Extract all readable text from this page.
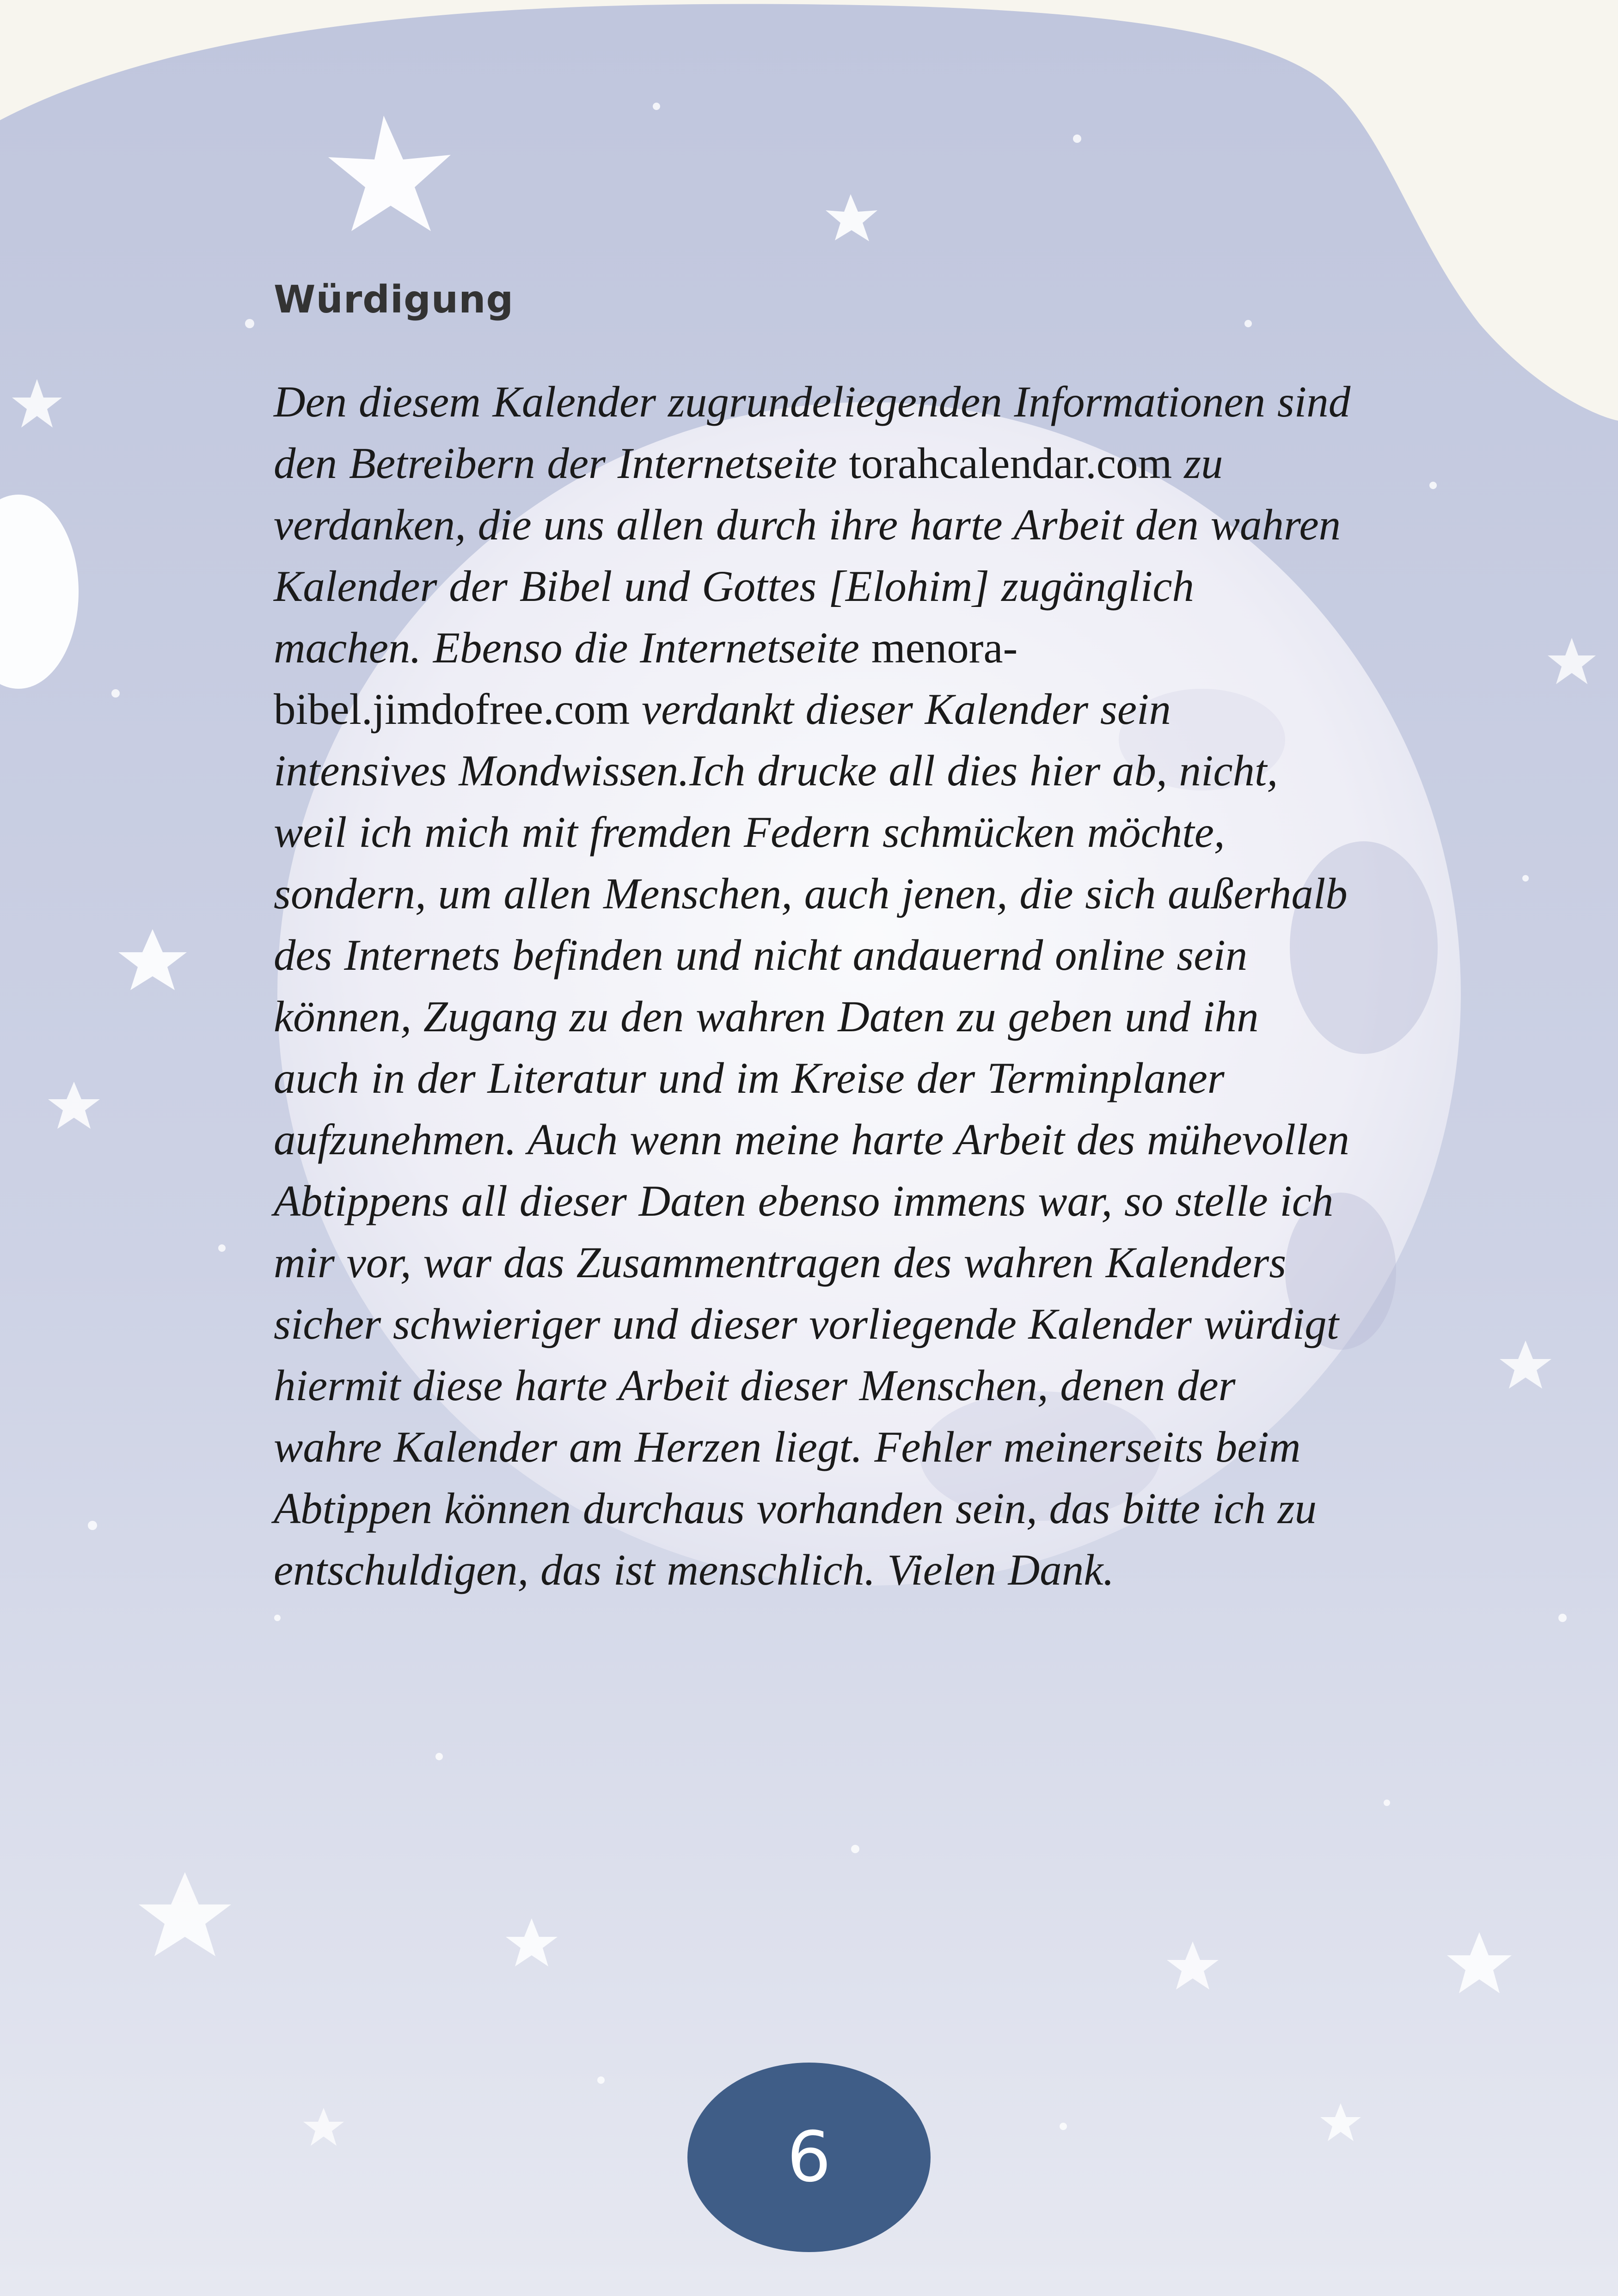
Würdigung

Den diesem Kalender zugrundeliegenden Informationen sind den Betreibern der Internetseite torahcalendar.com zu verdanken, die uns allen durch ihre harte Arbeit den wahren Kalender der Bibel und Gottes [Elohim] zugänglich machen. Ebenso die Internetseite menora-bibel.jimdofree.com verdankt dieser Kalender sein intensives Mondwissen.Ich drucke all dies hier ab, nicht, weil ich mich mit fremden Federn schmücken möchte, sondern, um allen Menschen, auch jenen, die sich außerhalb des Internets befinden und nicht andauernd online sein können, Zugang zu den wahren Daten zu geben und ihn auch in der Literatur und im Kreise der Terminplaner aufzunehmen. Auch wenn meine harte Arbeit des mühevollen Abtippens all dieser Daten ebenso immens war, so stelle ich mir vor, war das Zusammentragen des wahren Kalenders sicher schwieriger und dieser vorliegende Kalender würdigt hiermit diese harte Arbeit dieser Menschen, denen der wahre Kalender am Herzen liegt. Fehler meinerseits beim Abtippen können durchaus vorhanden sein, das bitte ich zu entschuldigen, das ist menschlich. Vielen Dank.

6
